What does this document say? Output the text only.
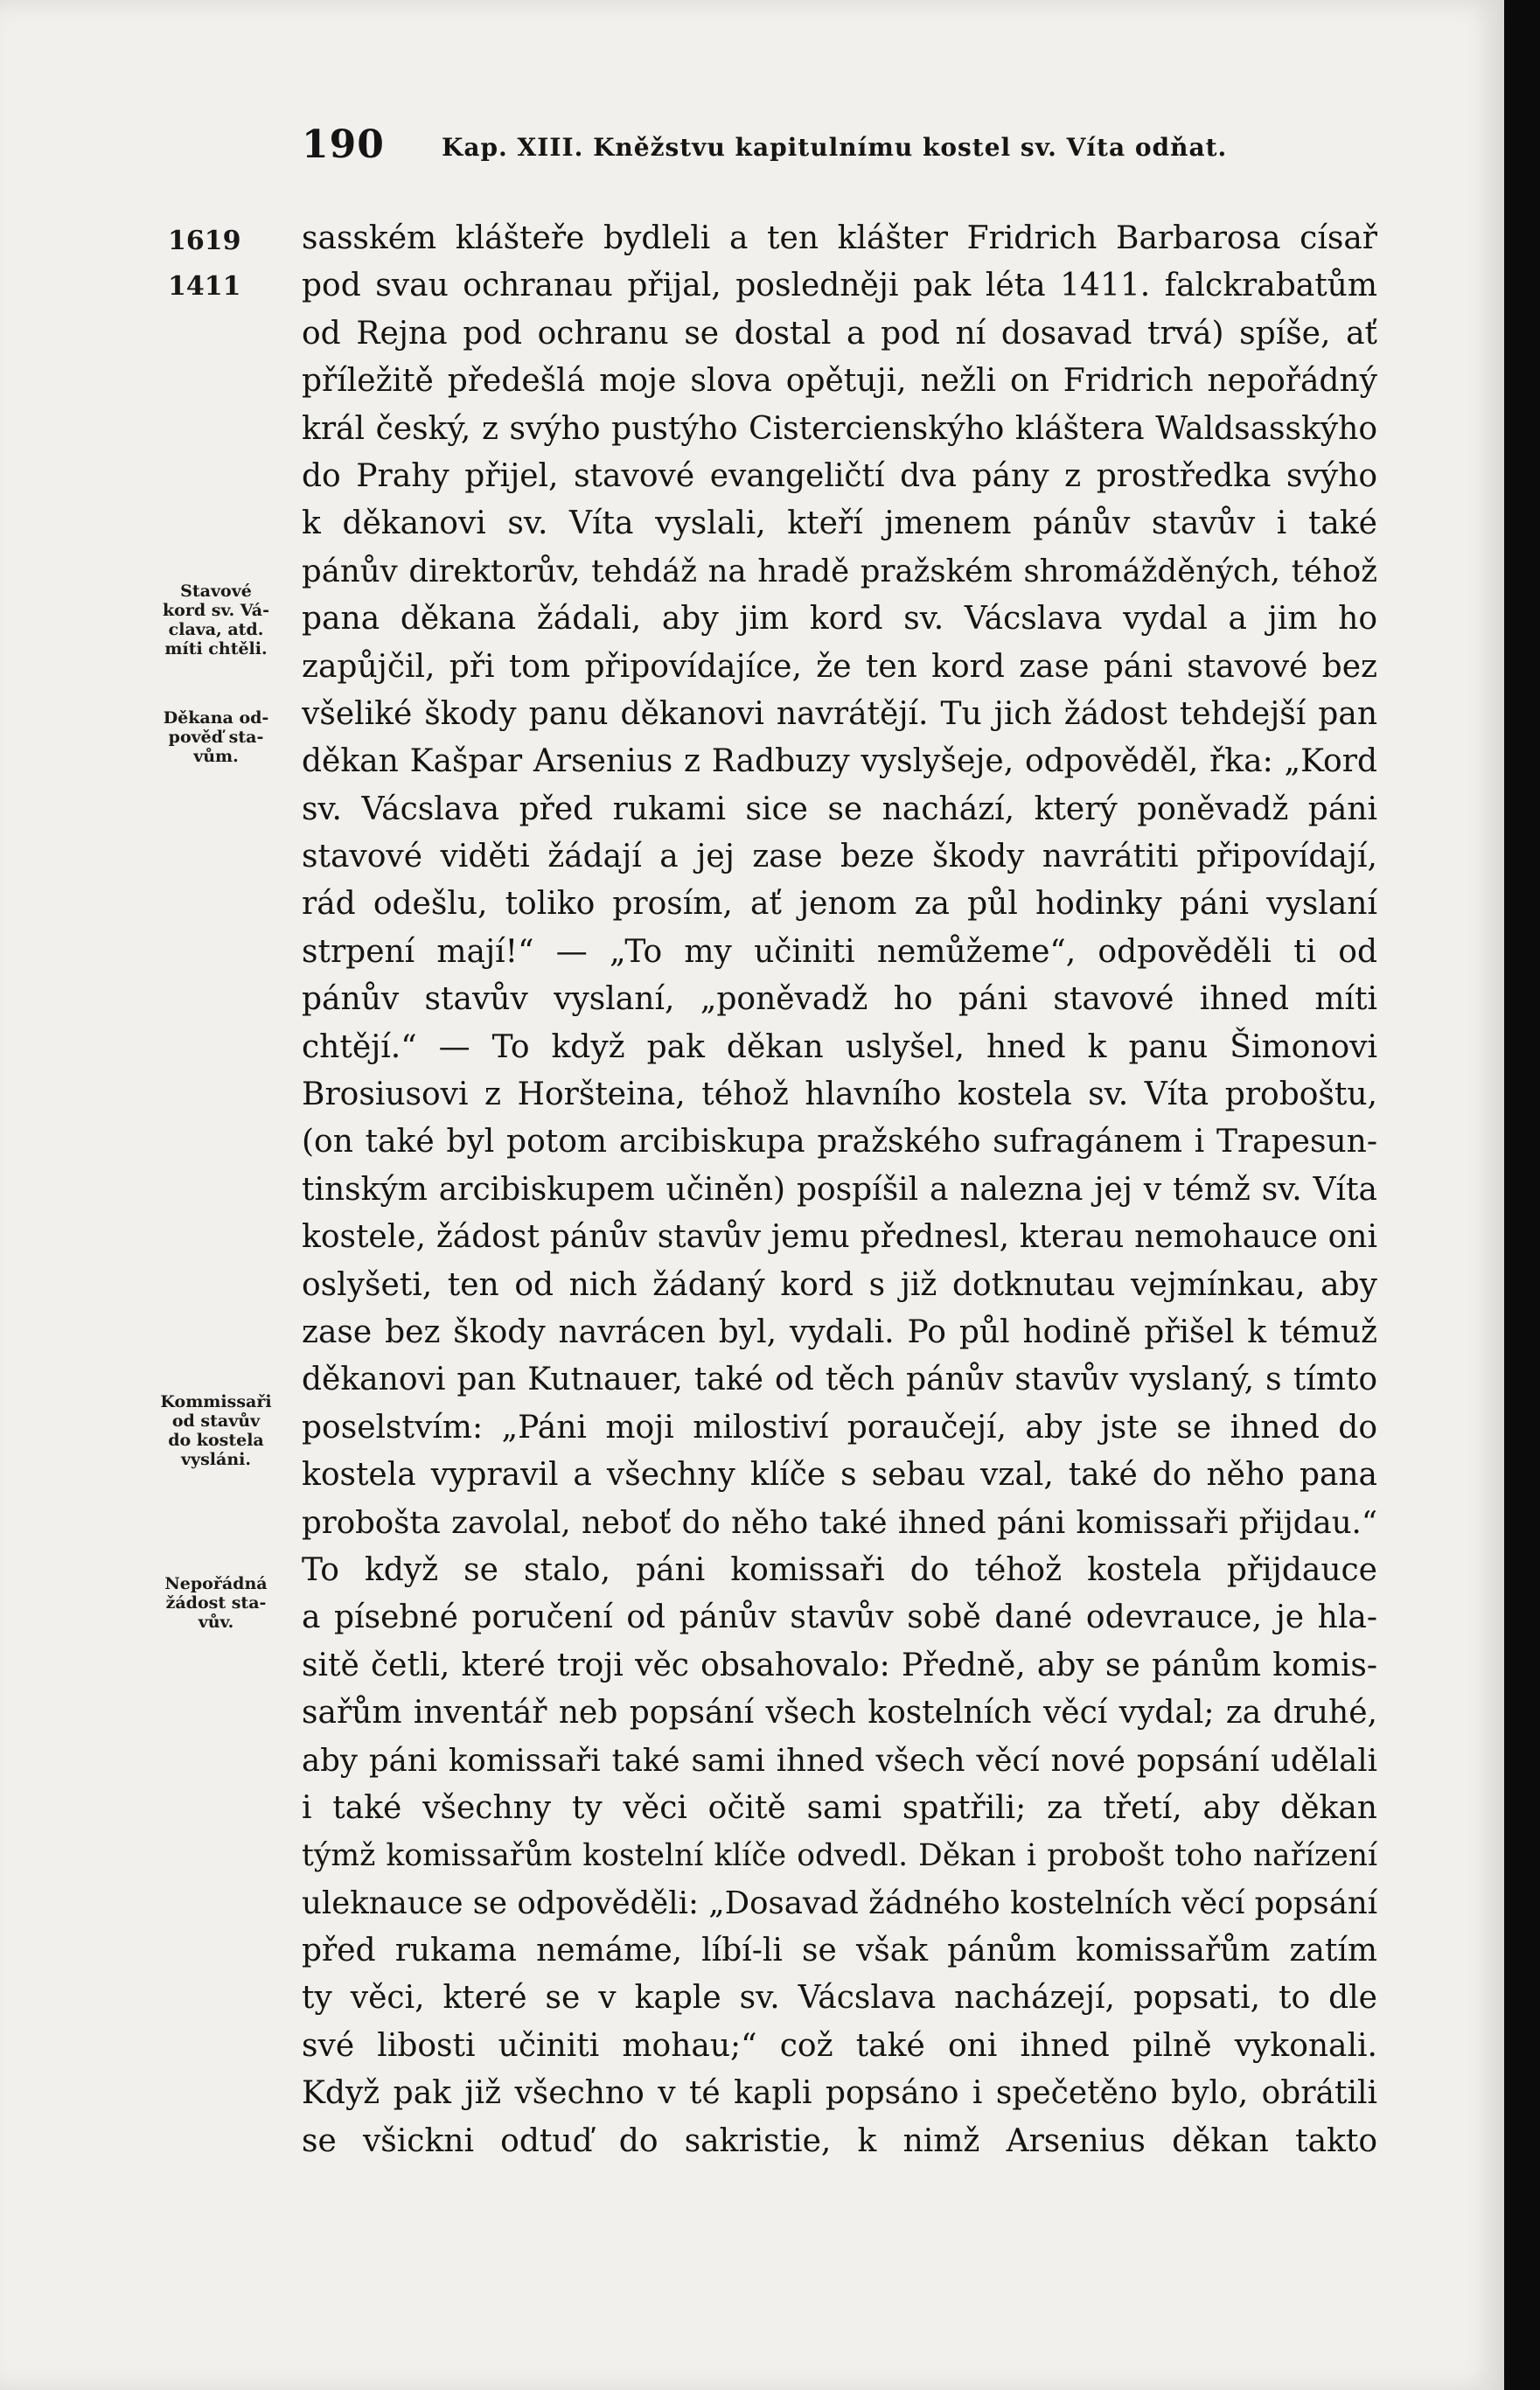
190 Kap. XIII. Kněžstvu kapitulnímu kostel sv. Víta odňat.
1619
1411
Stavové
kord sv. Vá-
clava, atd.
míti chtěli.
Děkana od-
pověď sta-
vům.
Kommissaři
od stavův
do kostela
vysláni.
Nepořádná
žádost sta-
vův.
sasském klášteře bydleli a ten klášter Fridrich Barbarosa císař
pod svau ochranau přijal, posledněji pak léta 1411. falckrabatům
od Rejna pod ochranu se dostal a pod ní dosavad trvá) spíše, ať
příležitě předešlá moje slova opětuji, nežli on Fridrich nepořádný
král český, z svýho pustýho Cistercienskýho kláštera Waldsasskýho
do Prahy přijel, stavové evangeličtí dva pány z prostředka svýho
k děkanovi sv. Víta vyslali, kteří jmenem pánův stavův i také
pánův direktorův, tehdáž na hradě pražském shromážděných, téhož
pana děkana žádali, aby jim kord sv. Vácslava vydal a jim ho
zapůjčil, při tom připovídajíce, že ten kord zase páni stavové bez
všeliké škody panu děkanovi navrátějí. Tu jich žádost tehdejší pan
děkan Kašpar Arsenius z Radbuzy vyslyšeje, odpověděl, řka: „Kord
sv. Vácslava před rukami sice se nachází, který poněvadž páni
stavové viděti žádají a jej zase beze škody navrátiti připovídají,
rád odešlu, toliko prosím, ať jenom za půl hodinky páni vyslaní
strpení mají!“ — „To my učiniti nemůžeme“, odpověděli ti od
pánův stavův vyslaní, „poněvadž ho páni stavové ihned míti
chtějí.“ — To když pak děkan uslyšel, hned k panu Šimonovi
Brosiusovi z Horšteina, téhož hlavního kostela sv. Víta proboštu,
(on také byl potom arcibiskupa pražského sufragánem i Trapesun-
tinským arcibiskupem učiněn) pospíšil a nalezna jej v témž sv. Víta
kostele, žádost pánův stavův jemu přednesl, kterau nemohauce oni
oslyšeti, ten od nich žádaný kord s již dotknutau vejmínkau, aby
zase bez škody navrácen byl, vydali. Po půl hodině přišel k témuž
děkanovi pan Kutnauer, také od těch pánův stavův vyslaný, s tímto
poselstvím: „Páni moji milostiví poraučejí, aby jste se ihned do
kostela vypravil a všechny klíče s sebau vzal, také do něho pana
probošta zavolal, neboť do něho také ihned páni komissaři přijdau.“
To když se stalo, páni komissaři do téhož kostela přijdauce
a písebné poručení od pánův stavův sobě dané odevrauce, je hla-
sitě četli, které troji věc obsahovalo: Předně, aby se pánům komis-
sařům inventář neb popsání všech kostelních věcí vydal; za druhé,
aby páni komissaři také sami ihned všech věcí nové popsání udělali
i také všechny ty věci očitě sami spatřili; za třetí, aby děkan
týmž komissařům kostelní klíče odvedl. Děkan i probošt toho nařízení
uleknauce se odpověděli: „Dosavad žádného kostelních věcí popsání
před rukama nemáme, líbí-li se však pánům komissařům zatím
ty věci, které se v kaple sv. Vácslava nacházejí, popsati, to dle
své libosti učiniti mohau;“ což také oni ihned pilně vykonali.
Když pak již všechno v té kapli popsáno i spečetěno bylo, obrátili
se všickni odtuď do sakristie, k nimž Arsenius děkan takto
